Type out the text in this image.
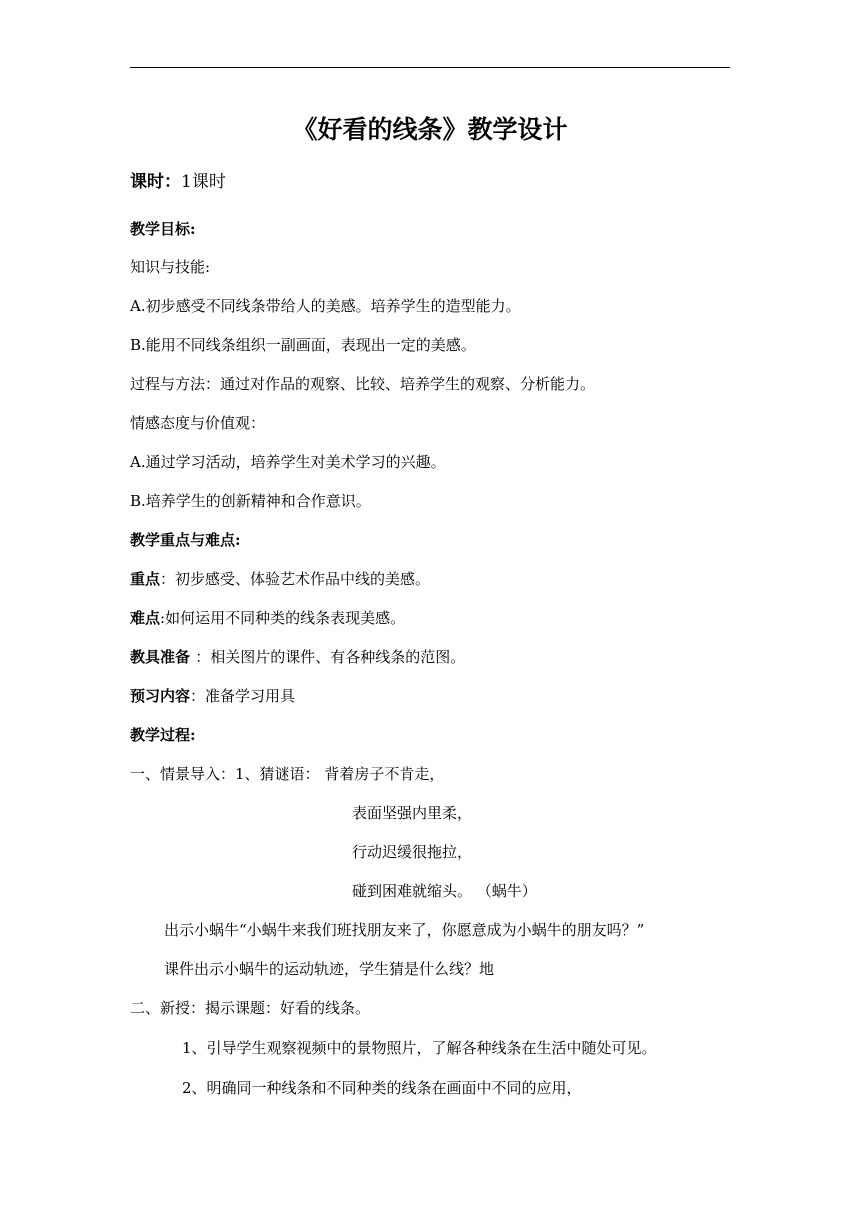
《好看的线条》教学设计
课时：1课时
教学目标:
知识与技能:
A.初步感受不同线条带给人的美感。培养学生的造型能力。
B.能用不同线条组织一副画面，表现出一定的美感。
过程与方法：通过对作品的观察、比较、培养学生的观察、分析能力。
情感态度与价值观：
A.通过学习活动，培养学生对美术学习的兴趣。
B.培养学生的创新精神和合作意识。
教学重点与难点:
重点：初步感受、体验艺术作品中线的美感。
难点:如何运用不同种类的线条表现美感。
教具准备 ：相关图片的课件、有各种线条的范图。
预习内容：准备学习用具
教学过程:
一、情景导入：1、猜谜语： 背着房子不肯走，
表面坚强内里柔，
行动迟缓很拖拉，
碰到困难就缩头。 （蜗牛）
出示小蜗牛“小蜗牛来我们班找朋友来了，你愿意成为小蜗牛的朋友吗？”
课件出示小蜗牛的运动轨迹，学生猜是什么线？地
二、新授：揭示课题：好看的线条。
1、引导学生观察视频中的景物照片，了解各种线条在生活中随处可见。
2、明确同一种线条和不同种类的线条在画面中不同的应用，
